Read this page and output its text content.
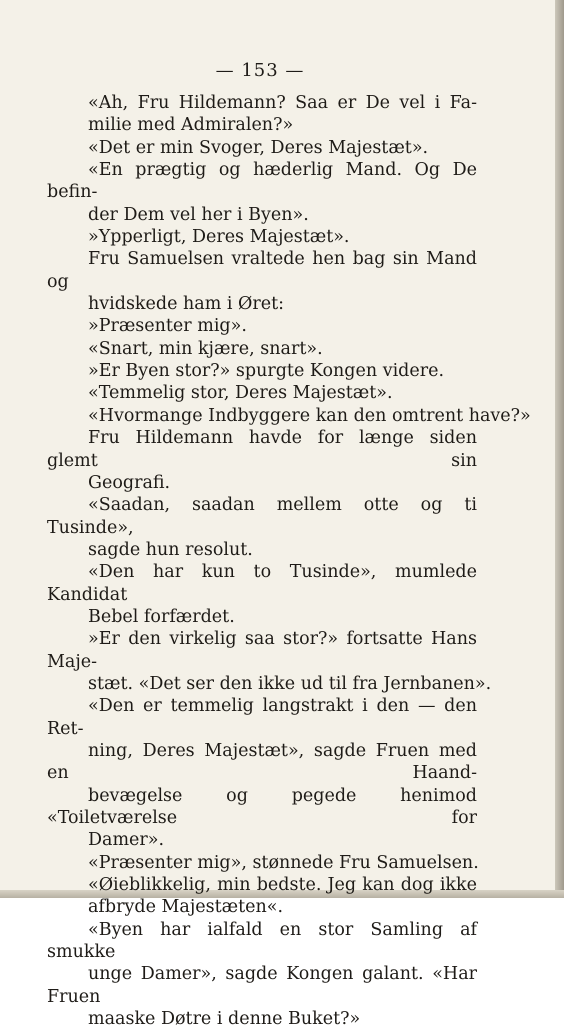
— 153 —

«Ah, Fru Hildemann? Saa er De vel i Fa-
milie med Admiralen?»

«Det er min Svoger, Deres Majestæt».

«En prægtig og hæderlig Mand. Og De befin-
der Dem vel her i Byen».

»Ypperligt, Deres Majestæt».

Fru Samuelsen vraltede hen bag sin Mand og
hvidskede ham i Øret:

»Præsenter mig».

«Snart, min kjære, snart».

»Er Byen stor?» spurgte Kongen videre.

«Temmelig stor, Deres Majestæt».

«Hvormange Indbyggere kan den omtrent have?»

Fru Hildemann havde for længe siden glemt sin
Geografi.

«Saadan, saadan mellem otte og ti Tusinde»,
sagde hun resolut.

«Den har kun to Tusinde», mumlede Kandidat
Bebel forfærdet.

»Er den virkelig saa stor?» fortsatte Hans Maje-
stæt. «Det ser den ikke ud til fra Jernbanen».

«Den er temmelig langstrakt i den — den Ret-
ning, Deres Majestæt», sagde Fruen med en Haand-
bevægelse og pegede henimod «Toiletværelse for
Damer».

«Præsenter mig», stønnede Fru Samuelsen.

«Øieblikkelig, min bedste. Jeg kan dog ikke
afbryde Majestæten«.

«Byen har ialfald en stor Samling af smukke
unge Damer», sagde Kongen galant. «Har Fruen
maaske Døtre i denne Buket?»
